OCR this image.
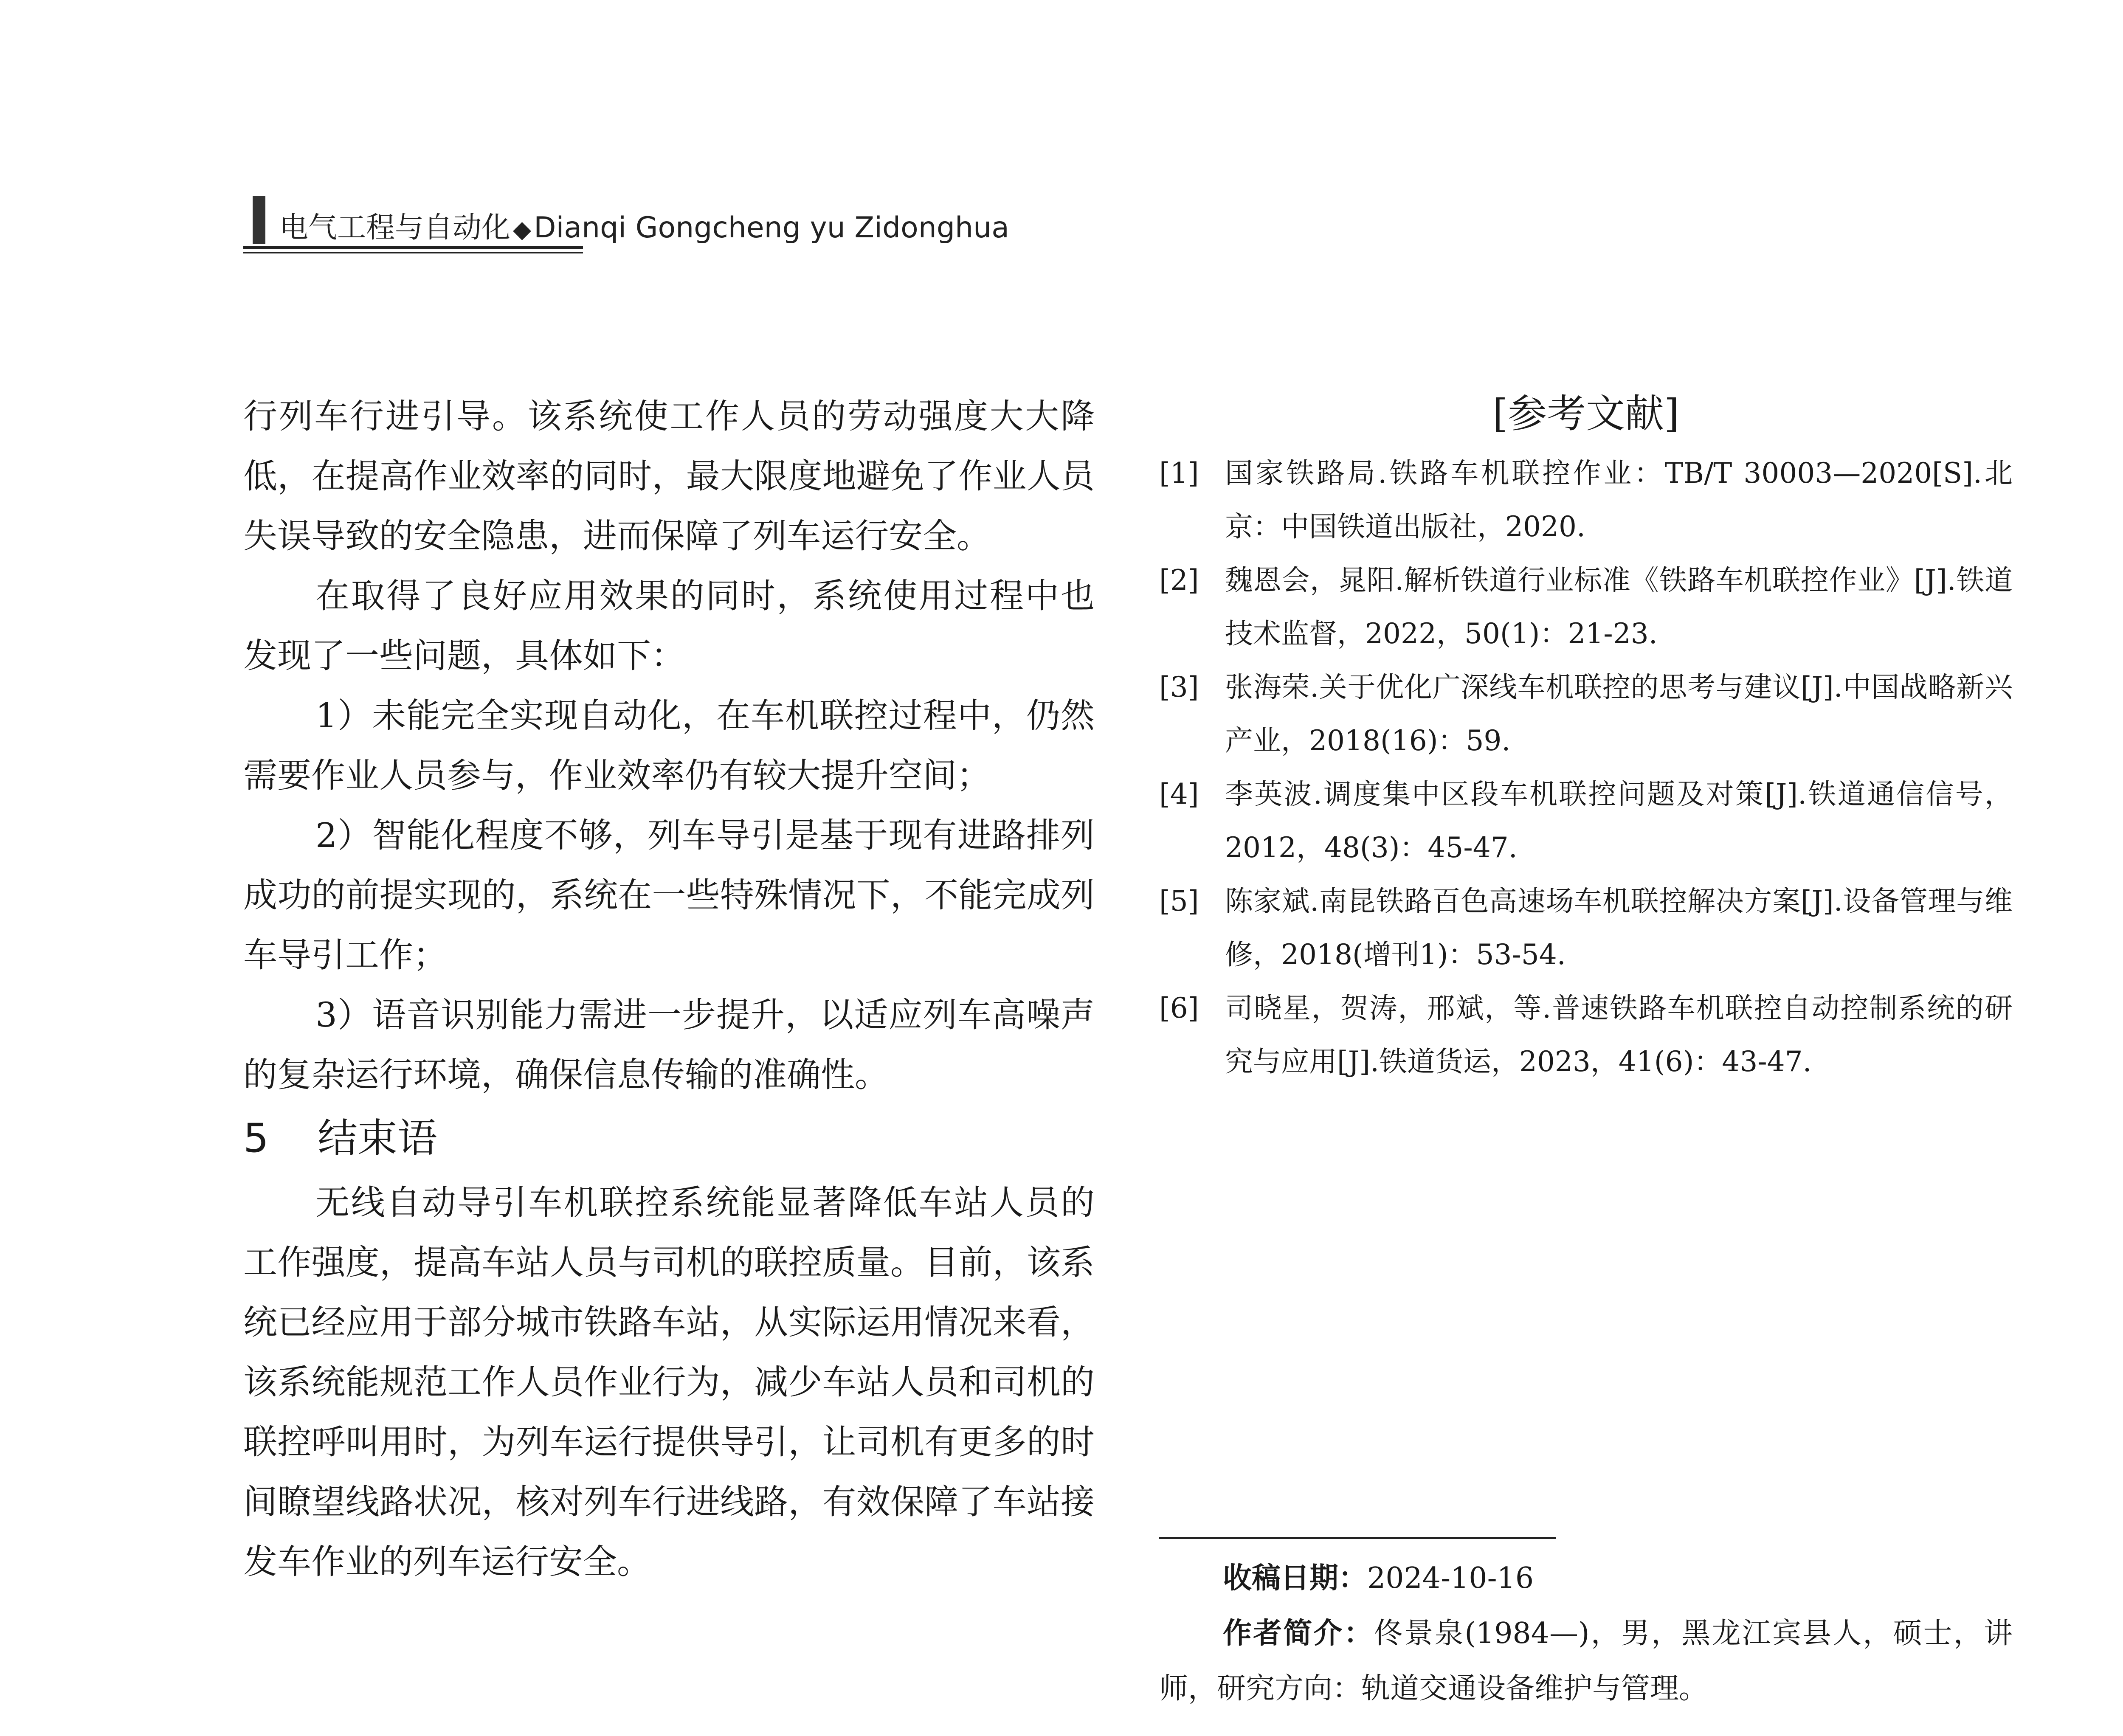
电气工程与自动化 ◆Dianqi Gongcheng yu Zidonghua

行列车行进引导。该系统使工作人员的劳动强度大大降低，在提高作业效率的同时，最大限度地避免了作业人员失误导致的安全隐患，进而保障了列车运行安全。

在取得了良好应用效果的同时，系统使用过程中也发现了一些问题，具体如下：

1）未能完全实现自动化，在车机联控过程中，仍然需要作业人员参与，作业效率仍有较大提升空间；

2）智能化程度不够，列车导引是基于现有进路排列成功的前提实现的，系统在一些特殊情况下，不能完成列车导引工作；

3）语音识别能力需进一步提升，以适应列车高噪声的复杂运行环境，确保信息传输的准确性。

5 结束语

无线自动导引车机联控系统能显著降低车站人员的工作强度，提高车站人员与司机的联控质量。目前，该系统已经应用于部分城市铁路车站，从实际运用情况来看，该系统能规范工作人员作业行为，减少车站人员和司机的联控呼叫用时，为列车运行提供导引，让司机有更多的时间瞭望线路状况，核对列车行进线路，有效保障了车站接发车作业的列车运行安全。

[参考文献]
[1] 国家铁路局.铁路车机联控作业：TB/T 30003—2020[S].北京：中国铁道出版社，2020.
[2] 魏恩会，晁阳.解析铁道行业标准《铁路车机联控作业》[J].铁道技术监督，2022，50(1)：21-23.
[3] 张海荣.关于优化广深线车机联控的思考与建议[J].中国战略新兴产业，2018(16)：59.
[4] 李英波.调度集中区段车机联控问题及对策[J].铁道通信信号，2012，48(3)：45-47.
[5] 陈家斌.南昆铁路百色高速场车机联控解决方案[J].设备管理与维修，2018(增刊1)：53-54.
[6] 司晓星，贺涛，邢斌，等.普速铁路车机联控自动控制系统的研究与应用[J].铁道货运，2023，41(6)：43-47.

收稿日期：2024-10-16

作者简介：佟景泉(1984—)，男，黑龙江宾县人，硕士，讲师，研究方向：轨道交通设备维护与管理。
